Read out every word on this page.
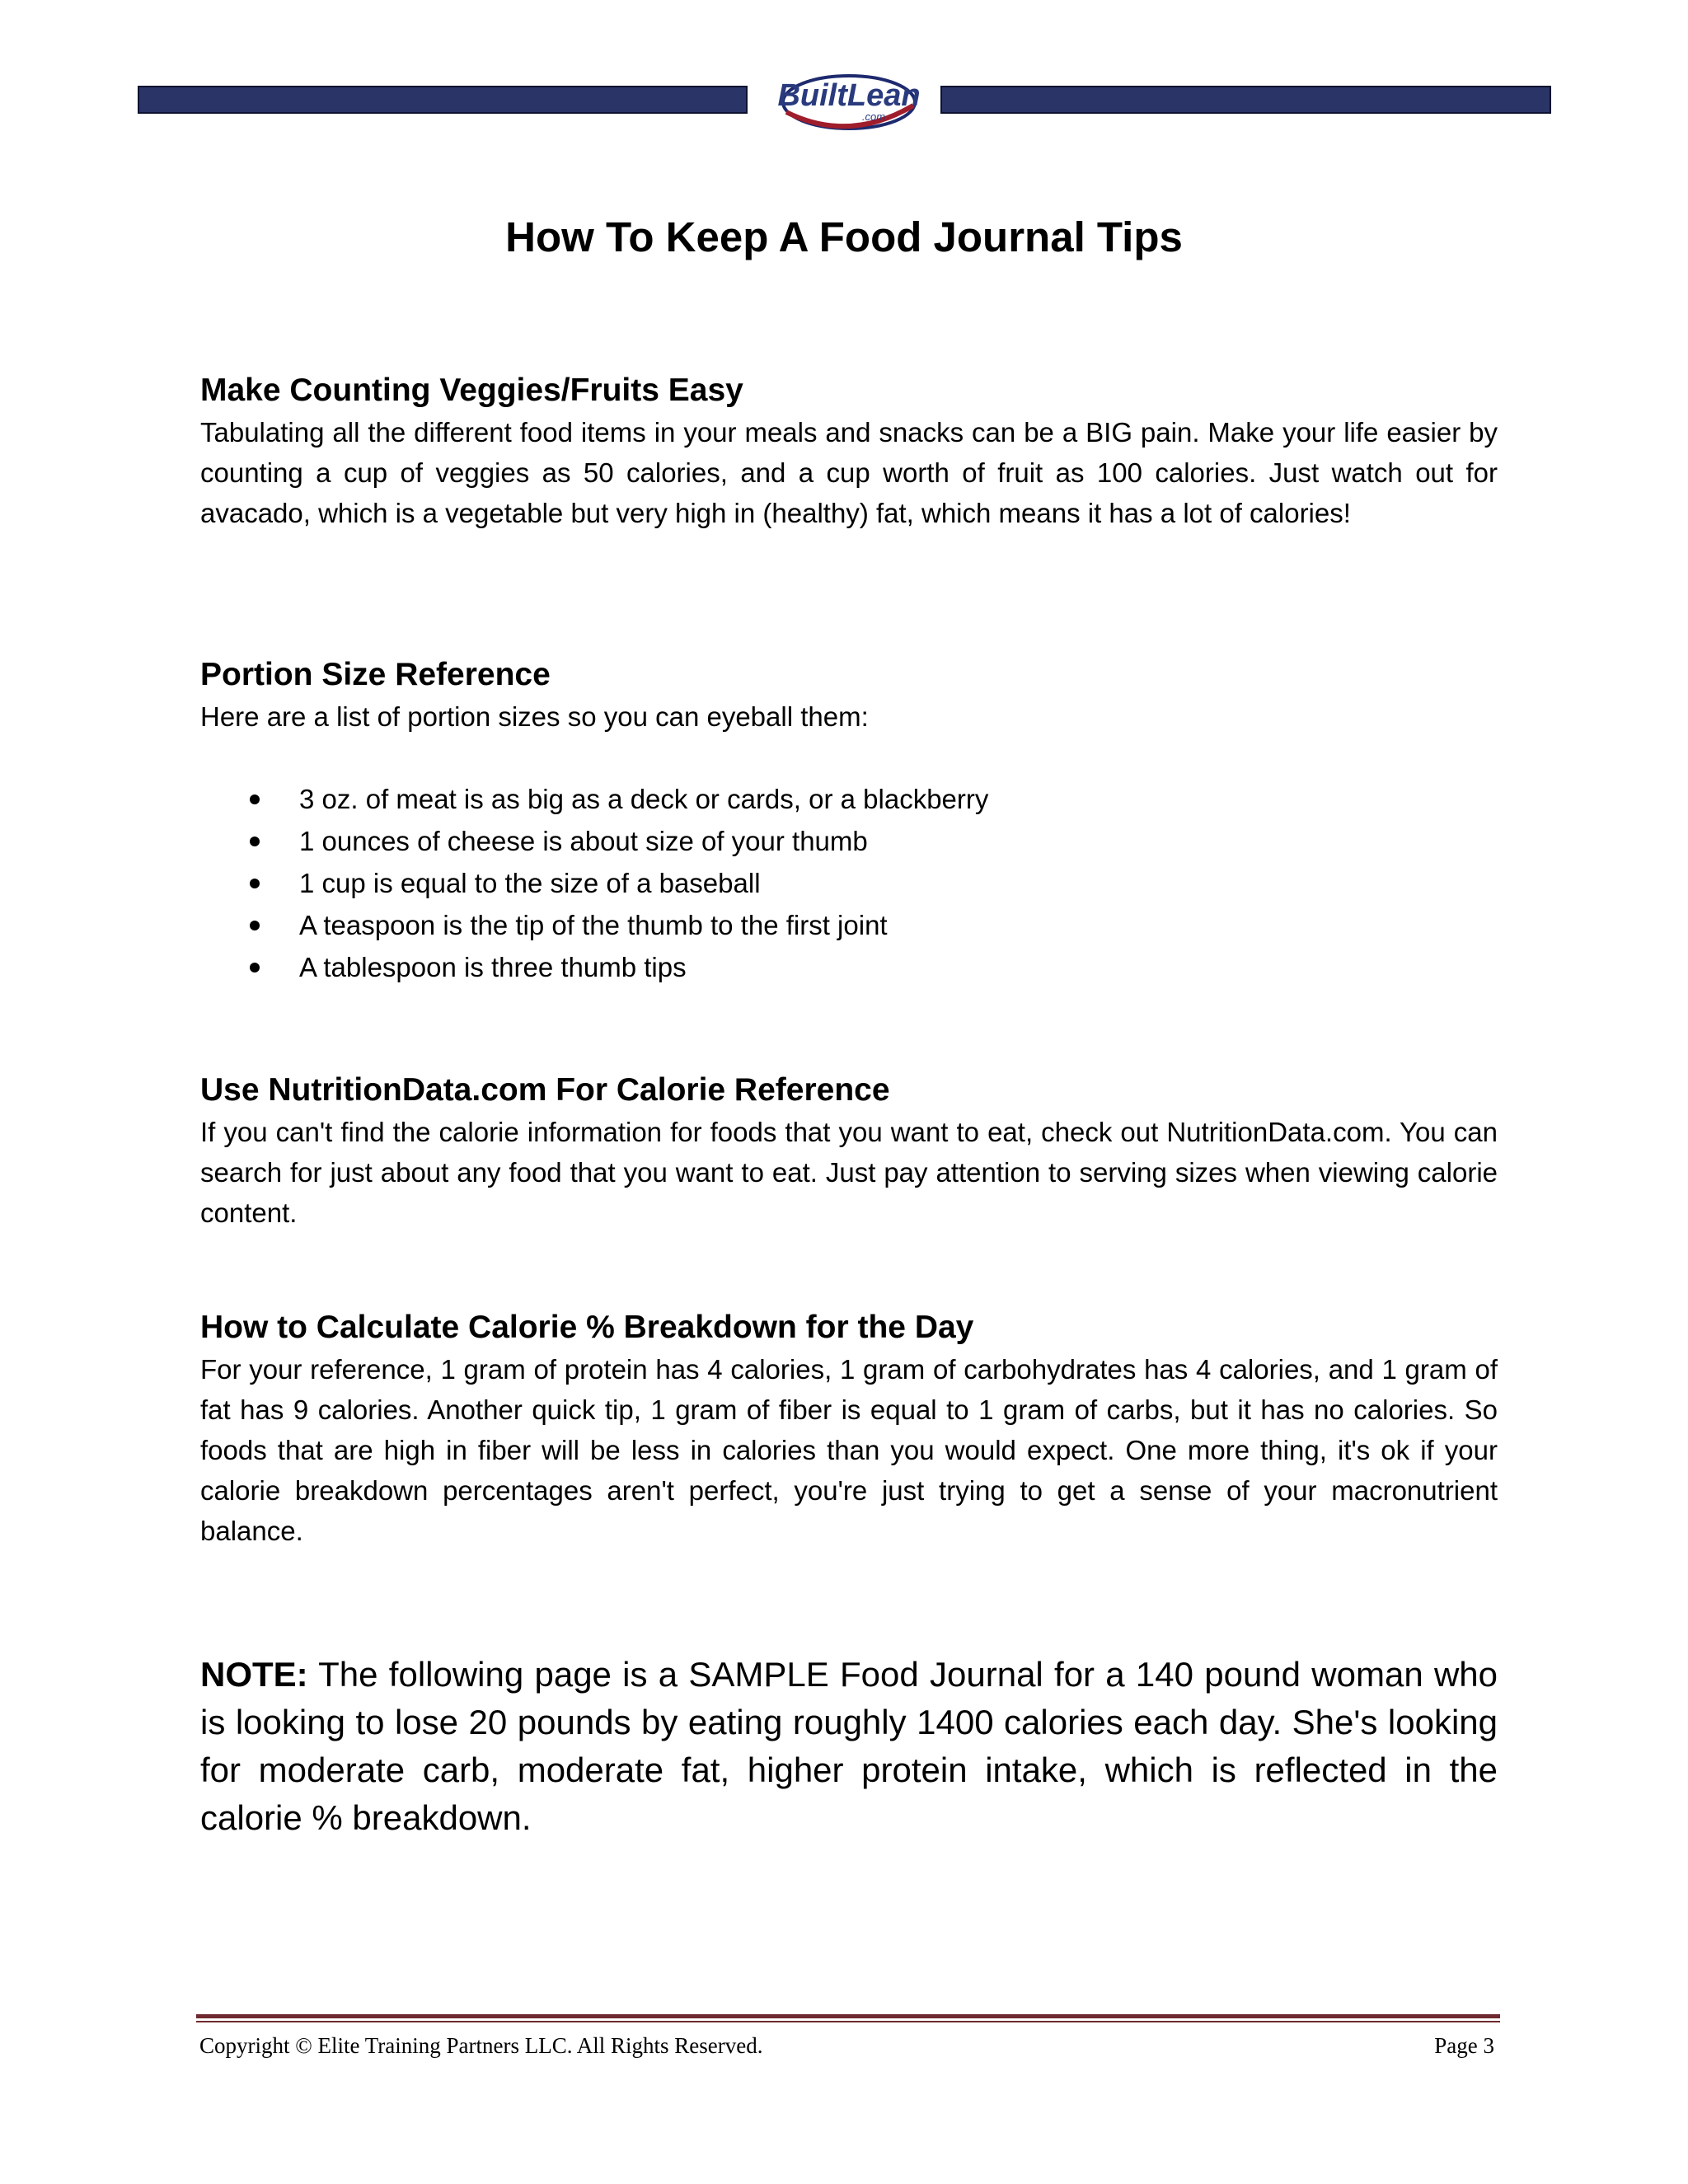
BuiltLean
.com
How To Keep A Food Journal Tips
Make Counting Veggies/Fruits Easy

Tabulating all the different food items in your meals and snacks can be a BIG pain. Make your life easier by counting a cup of veggies as 50 calories, and a cup worth of fruit as 100 calories. Just watch out for avacado, which is a vegetable but very high in (healthy) fat, which means it has a lot of calories!

Portion Size Reference

Here are a list of portion sizes so you can eyeball them:

3 oz. of meat is as big as a deck or cards, or a blackberry
1 ounces of cheese is about size of your thumb
1 cup is equal to the size of a baseball
A teaspoon is the tip of the thumb to the first joint
A tablespoon is three thumb tips
Use NutritionData.com For Calorie Reference

If you can't find the calorie information for foods that you want to eat, check out NutritionData.com. You can search for just about any food that you want to eat. Just pay attention to serving sizes when viewing calorie content.

How to Calculate Calorie % Breakdown for the Day

For your reference, 1 gram of protein has 4 calories, 1 gram of carbohydrates has 4 calories, and 1 gram of fat has 9 calories. Another quick tip, 1 gram of fiber is equal to 1 gram of carbs, but it has no calories. So foods that are high in fiber will be less in calories than you would expect. One more thing, it's ok if your calorie breakdown percentages aren't perfect, you're just trying to get a sense of your macronutrient balance.

NOTE: The following page is a SAMPLE Food Journal for a 140 pound woman who is looking to lose 20 pounds by eating roughly 1400 calories each day. She's looking for moderate carb, moderate fat, higher protein intake, which is reflected in the calorie % breakdown.

Copyright © Elite Training Partners LLC. All Rights Reserved.	Page 3
